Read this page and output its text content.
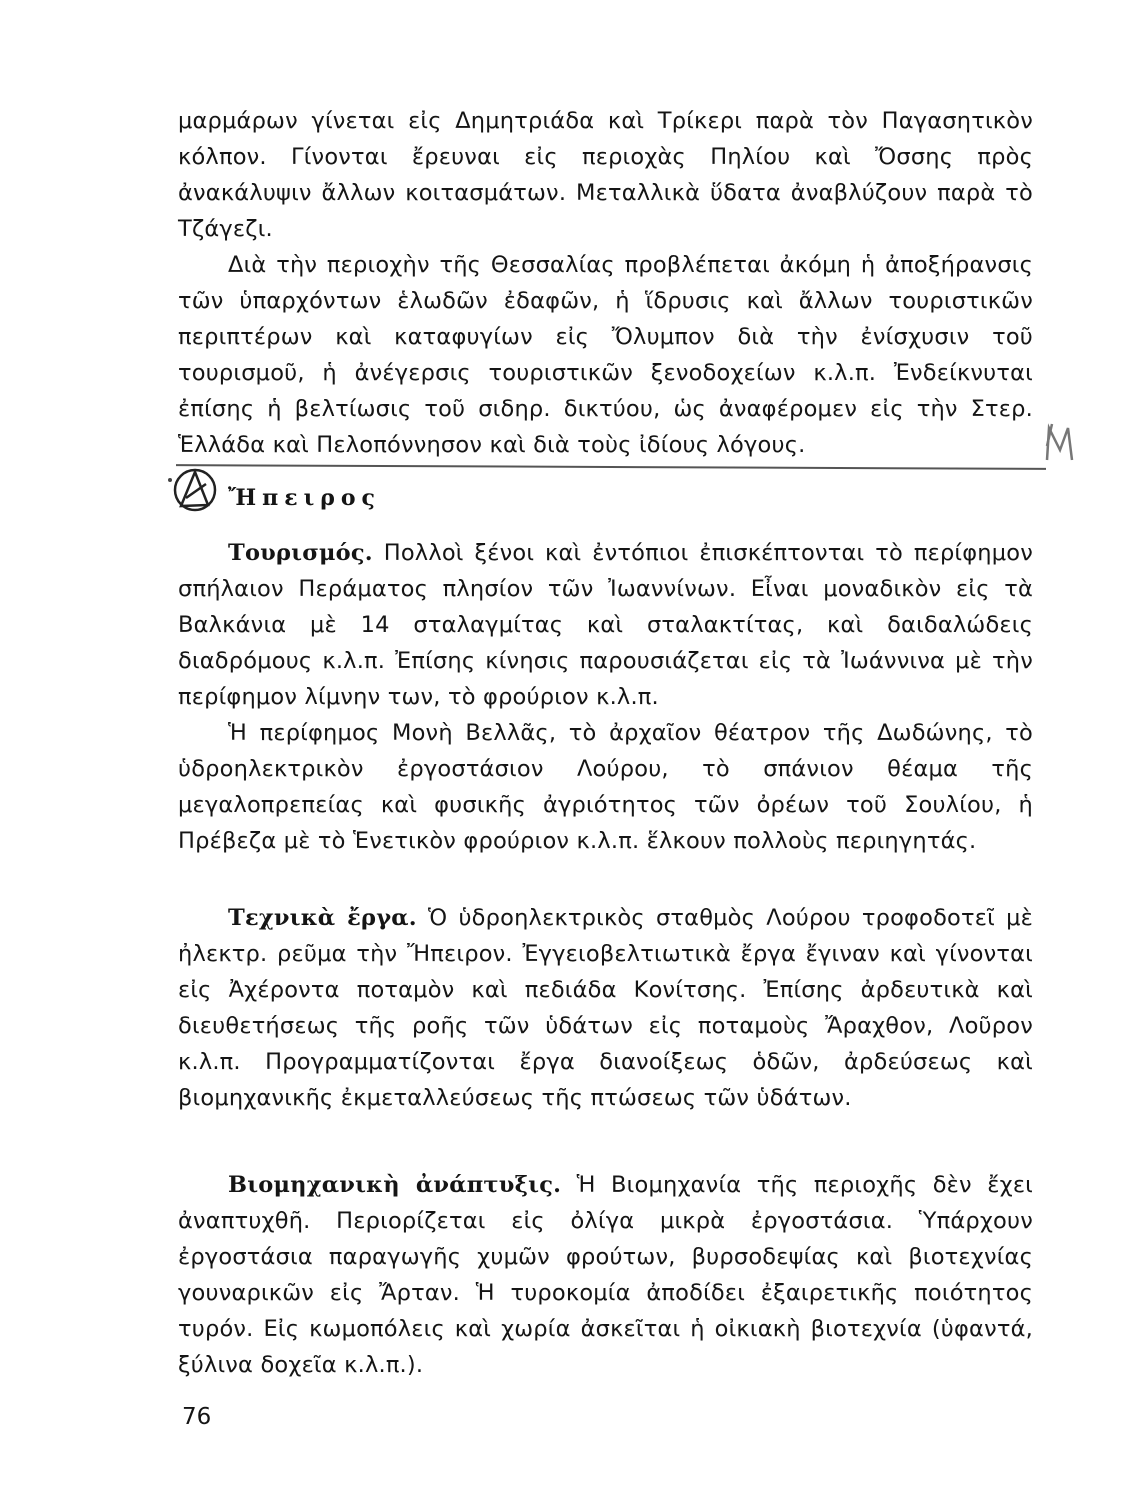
μαρμάρων γίνεται εἰς Δημητριάδα καὶ Τρίκερι παρὰ τὸν Παγασητικὸν κόλπον. Γίνονται ἔρευναι εἰς περιοχὰς Πηλίου καὶ Ὄσσης πρὸς ἀνακάλυψιν ἄλλων κοιτασμάτων. Μεταλλικὰ ὕδατα ἀναβλύζουν παρὰ τὸ Τζάγεζι.

Διὰ τὴν περιοχὴν τῆς Θεσσαλίας προβλέπεται ἀκόμη ἡ ἀποξήρανσις τῶν ὑπαρχόντων ἑλωδῶν ἐδαφῶν, ἡ ἵδρυσις καὶ ἄλλων τουριστικῶν περιπτέρων καὶ καταφυγίων εἰς Ὄλυμπον διὰ τὴν ἐνίσχυσιν τοῦ τουρισμοῦ, ἡ ἀνέγερσις τουριστικῶν ξενοδοχείων κ.λ.π. Ἐνδείκνυται ἐπίσης ἡ βελτίωσις τοῦ σιδηρ. δικτύου, ὡς ἀναφέρομεν εἰς τὴν Στερ. Ἑλλάδα καὶ Πελοπόννησον καὶ διὰ τοὺς ἰδίους λόγους.

Ἤπειρος

Τουρισμός. Πολλοὶ ξένοι καὶ ἐντόπιοι ἐπισκέπτονται τὸ περίφημον σπήλαιον Περάματος πλησίον τῶν Ἰωαννίνων. Εἶναι μοναδικὸν εἰς τὰ Βαλκάνια μὲ 14 σταλαγμίτας καὶ σταλακτίτας, καὶ δαιδαλώδεις διαδρόμους κ.λ.π. Ἐπίσης κίνησις παρουσιάζεται εἰς τὰ Ἰωάννινα μὲ τὴν περίφημον λίμνην των, τὸ φρούριον κ.λ.π.

Ἡ περίφημος Μονὴ Βελλᾶς, τὸ ἀρχαῖον θέατρον τῆς Δωδώνης, τὸ ὑδροηλεκτρικὸν ἐργοστάσιον Λούρου, τὸ σπάνιον θέαμα τῆς μεγαλοπρεπείας καὶ φυσικῆς ἀγριότητος τῶν ὀρέων τοῦ Σουλίου, ἡ Πρέβεζα μὲ τὸ Ἑνετικὸν φρούριον κ.λ.π. ἕλκουν πολλοὺς περιηγητάς.

Τεχνικὰ ἔργα. Ὁ ὑδροηλεκτρικὸς σταθμὸς Λούρου τροφοδοτεῖ μὲ ἠλεκτρ. ρεῦμα τὴν Ἤπειρον. Ἐγγειοβελτιωτικὰ ἔργα ἔγιναν καὶ γίνονται εἰς Ἀχέροντα ποταμὸν καὶ πεδιάδα Κονίτσης. Ἐπίσης ἀρδευτικὰ καὶ διευθετήσεως τῆς ροῆς τῶν ὑδάτων εἰς ποταμοὺς Ἄραχθον, Λοῦρον κ.λ.π. Προγραμματίζονται ἔργα διανοίξεως ὁδῶν, ἀρδεύσεως καὶ βιομηχανικῆς ἐκμεταλλεύσεως τῆς πτώσεως τῶν ὑδάτων.

Βιομηχανικὴ ἀνάπτυξις. Ἡ Βιομηχανία τῆς περιοχῆς δὲν ἔχει ἀναπτυχθῆ. Περιορίζεται εἰς ὀλίγα μικρὰ ἐργοστάσια. Ὑπάρχουν ἐργοστάσια παραγωγῆς χυμῶν φρούτων, βυρσοδεψίας καὶ βιοτεχνίας γουναρικῶν εἰς Ἄρταν. Ἡ τυροκομία ἀποδίδει ἐξαιρετικῆς ποιότητος τυρόν. Εἰς κωμοπόλεις καὶ χωρία ἀσκεῖται ἡ οἰκιακὴ βιοτεχνία (ὑφαντά, ξύλινα δοχεῖα κ.λ.π.).

76
